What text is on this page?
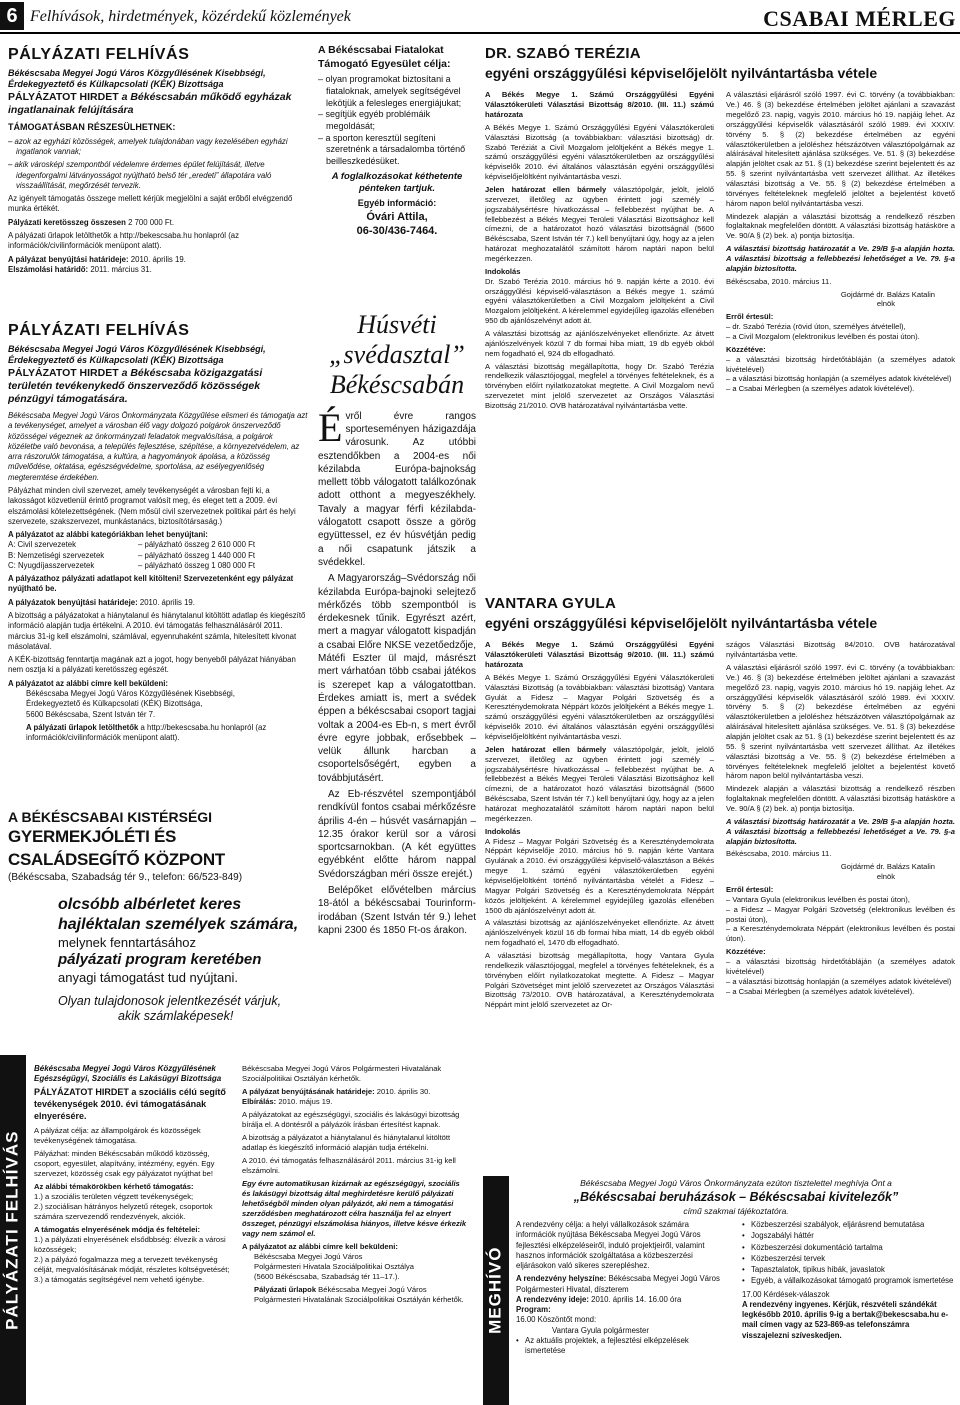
6 Felhívások, hirdetmények, közérdekű közlemények	CSABAI MÉRLEG
PÁLYÁZATI FELHÍVÁS
Békéscsaba Megyei Jogú Város Közgyűlésének Kisebbségi, Érdekegyeztető és Külkapcsolati (KÉK) Bizottsága
PÁLYÁZATOT HIRDET a Békéscsabán működő egyházak ingatlanainak felújítására

TÁMOGATÁSBAN RÉSZESÜLHETNEK:

– azok az egyházi közösségek, amelyek tulajdonában vagy kezelésében egyházi ingatlanok vannak;

– akik városképi szempontból védelemre érdemes épület felújítását, illetve idegenforgalmi látványosságot nyújtható belső tér „eredeti” állapotára való visszaállítását, megőrzését tervezik.

Az igényelt támogatás összege mellett kérjük megjelölni a saját erőből elvégzendő munka értékét.

Pályázati keretösszeg összesen 2 700 000 Ft.

A pályázati űrlapok letölthetők a http://bekescsaba.hu honlapról (az információk/civilinformációk menüpont alatt).

A pályázat benyújtási határideje: 2010. április 19.

Elszámolási határidő: 2011. március 31.

PÁLYÁZATI FELHÍVÁS
Békéscsaba Megyei Jogú Város Közgyűlésének Kisebbségi, Érdekegyeztető és Külkapcsolati (KÉK) Bizottsága
PÁLYÁZATOT HIRDET a Békéscsaba közigazgatási területén tevékenykedő önszerveződő közösségek pénzügyi támogatására.

Békéscsaba Megyei Jogú Város Önkormányzata Közgyűlése elismeri és támogatja azt a tevékenységet, amelyet a városban élő vagy dolgozó polgárok önszerveződő közösségei végeznek az önkormányzati feladatok megvalósítása, a polgárok közéletbe való bevonása, a település fejlesztése, szépítése, a környezetvédelem, az arra rászorulók támogatása, a kultúra, a hagyományok ápolása, a közösség művelődése, oktatása, egészségvédelme, sportolása, az esélyegyenlőség megteremtése érdekében.

Pályázhat minden civil szervezet, amely tevékenységét a városban fejti ki, a lakosságot közvetlenül érintő programot valósít meg, és eleget tett a 2009. évi elszámolási kötelezettségének. (Nem mősül civil szervezetnek politikai párt és helyi szervezete, szakszervezet, munkástanács, biztosítótársaság.)

A pályázatot az alábbi kategóriákban lehet benyújtani:

A: Civil szervezetek	– pályázható összeg 2 610 000 Ft
B: Nemzetiségi szervezetek	– pályázható összeg 1 440 000 Ft
C: Nyugdíjasszervezetek	– pályázható összeg 1 080 000 Ft

A pályázathoz pályázati adatlapot kell kitölteni! Szervezetenként egy pályázat nyújtható be.

A pályázatok benyújtási határideje: 2010. április 19.

A bizottság a pályázatokat a hiánytalanul és hiánytalanul kitöltött adatlap és kiegészítő információ alapján tudja értékelni. A 2010. évi támogatás felhasználásáról 2011. március 31-ig kell elszámolni, számlával, egyenruhaként számla, hitelesített kivonat másolatával.

A KÉK-bizottság fenntartja magának azt a jogot, hogy benyeből pályázat hiányában nem osztja ki a pályázati keretösszeg egészét.

A pályázatot az alábbi címre kell beküldeni:

Békéscsaba Megyei Jogú Város Közgyűlésének Kisebbségi,
Érdekegyeztető és Külkapcsolati (KÉK) Bizottsága,
5600 Békéscsaba, Szent István tér 7.

A pályázati űrlapok letölthetők a http://bekescsaba.hu honlapról (az információk/civilinformációk menüpont alatt).

A BÉKÉSCSABAI KISTÉRSÉGI
GYERMEKJÓLÉTI ÉS CSALÁDSEGÍTŐ KÖZPONT
(Békéscsaba, Szabadság tér 9., telefon: 66/523-849)
olcsóbb albérletet keres
hajléktalan személyek számára,
melynek fenntartásához
pályázati program keretében
anyagi támogatást tud nyújtani.
Olyan tulajdonosok jelentkezését várjuk,
akik számlaképesek!
PÁLYÁZATI FELHÍVÁS

Békéscsaba Megyei Jogú Város Közgyűlésének Egészségügyi, Szociális és Lakásügyi Bizottsága

PÁLYÁZATOT HIRDET a szociális célú segítő tevékenységek 2010. évi támogatásának elnyerésére.

A pályázat célja: az állampolgárok és közösségek tevékenységének támogatása.

Pályázhat: minden Békéscsabán működő közösség, csoport, egyesület, alapítvány, intézmény, egyén. Egy szervezet, közösség csak egy pályázatot nyújthat be!

Az alábbi témakörökben kérhető támogatás:

1.) a szociális területen végzett tevékenységek;

2.) szociálisan hátrányos helyzetű rétegek, csoportok számára szervezendő rendezvények, akciók.

A támogatás elnyerésének módja és feltételei:

1.) a pályázati elnyerésének elsődbbség: élvezik a városi közösségek;

2.) a pályázó fogalmazza meg a tervezett tevékenység célját, megvalósításának módját, részletes költségvetését;

3.) a támogatás segítségével nem vehető igénybe.

Békéscsaba Megyei Jogú Város Polgármesteri Hivatalának Szociálpolitikai Osztályán kérhetők.

A pályázat benyújtásának határideje: 2010. április 30.

Elbírálás: 2010. május 19.

A pályázatokat az egészségügyi, szociális és lakásügyi bizottság bírálja el. A döntésről a pályázók írásban értesítést kapnak.

A bizottság a pályázatot a hiánytalanul és hiánytalanul kitöltött adatlap és kiegészítő információ alapján tudja értékelni.

A 2010. évi támogatás felhasználásáról 2011. március 31-ig kell elszámolni.

Egy évre automatikusan kizárnak az egészségügyi, szociális és lakásügyi bizottság által meghirdetésre kerülő pályázati lehetőségből minden olyan pályázót, aki nem a támogatási szerződésben meghatározott célra használja fel az elnyert összeget, pénzügyi elszámolása hiányos, illetve késve érkezik vagy nem számol el.

A pályázatot az alábbi címre kell beküldeni:

Békéscsaba Megyei Jogú Város
Polgármesteri Hivatala Szociálpolitikai Osztálya
(5600 Békéscsaba, Szabadság tér 11–17.).

Pályázati űrlapok Békéscsaba Megyei Jogú Város Polgármesteri Hivatalának Szociálpolitikai Osztályán kérhetők.

A Békéscsabai Fiatalokat Támogató Egyesület célja:

– olyan programokat biztosítani a fiataloknak, amelyek segítségével lekötjük a felesleges energiájukat;

– segítjük egyéb problémáik megoldását;

– a sporton keresztül segíteni szeretnénk a társadalomba történő beilleszkedésüket.

A foglalkozásokat kéthetente pénteken tartjuk.

Egyéb információ:

Óvári Attila,

06-30/436-7464.

Húsvéti
„svédasztal”
Békéscsabán

Évről évre rangos sporteseményen házigazdája városunk. Az utóbbi esztendőkben a 2004-es női kézilabda Európa-bajnokság mellett több válogatott találkozónak adott otthont a megyeszékhely. Tavaly a magyar férfi kézilabda-válogatott csapott össze a görög együttessel, ez év húsvétján pedig a női csapatunk játszik a svédekkel.

A Magyarország–Svédország női kézilabda Európa-bajnoki selejtező mérkőzés több szempontból is érdekesnek tűnik. Egyrészt azért, mert a magyar válogatott kispadján a csabai Előre NKSE vezetőedzője, Mátéfi Eszter ül majd, másrészt mert várhatóan több csabai játékos is szerepet kap a válogatottban. Érdekes amiatt is, mert a svédek éppen a békéscsabai csoport tagjai voltak a 2004-es Eb-n, s mert évről évre egyre jobbak, erősebbek – velük állunk harcban a csoportelsőségért, egyben a továbbjutásért.

Az Eb-részvétel szempontjából rendkívül fontos csabai mérkőzésre április 4-én – húsvét vasárnapján – 12.35 órakor kerül sor a városi sportcsarnokban. (A két együttes egyébként előtte három nappal Svédországban méri össze erejét.)

Belépőket elővételben március 18-ától a békéscsabai Tourinform-irodában (Szent István tér 9.) lehet kapni 2300 és 1850 Ft-os árakon.

DR. SZABÓ TERÉZIA
egyéni országgyűlési képviselőjelölt nyilvántartásba vétele

A Békés Megye 1. Számú Országgyűlési Egyéni Választókerületi Választási Bizottság 8/2010. (III. 11.) számú határozata

A Békés Megye 1. Számú Országgyűlési Egyéni Választókerületi Választási Bizottság (a továbbiakban: választási bizottság) dr. Szabó Teréziát a Civil Mozgalom jelöltjeként a Békés megye 1. számú országgyűlési egyéni választókerületben az országgyűlési képviselők 2010. évi általános választásán egyéni országgyűlési képviselőjelöltként nyilvántartásba veszi.

Jelen határozat ellen bármely választópolgár, jelölt, jelölő szervezet, illetőleg az ügyben érintett jogi személy – jogszabálysértésre hivatkozással – fellebbezést nyújthat be. A fellebbezést a Békés Megyei Területi Választási Bizottsághoz kell címezni, de a határozatot hozó választási bizottságnál (5600 Békéscsaba, Szent István tér 7.) kell benyújtani úgy, hogy az a jelen határozat meghozatalától számított három naptári napon belül megérkezzen.

Indokolás

Dr. Szabó Terézia 2010. március hó 9. napján kérte a 2010. évi országgyűlési képviselő-választáson a Békés megye 1. számú egyéni választókerületben a Civil Mozgalom jelöltjeként a Civil Mozgalom jelöltjeként. A kérelemmel egyidejűleg igazolás ellenében 950 db ajánlószelvényt adott át.

A választási bizottság az ajánlószelvényeket ellenőrizte. Az átvett ajánlószelvények közül 7 db formai hiba miatt, 19 db egyéb okból nem fogadható el, 924 db elfogadható.

A választási bizottság megállapította, hogy Dr. Szabó Terézia rendelkezik választójoggal, megfelel a törvényes feltételeknek, és a törvényben előírt nyilatkozatokat megtette. A Civil Mozgalom nevű szervezetet mint jelölő szervezetet az Országos Választási Bizottság 21/2010. OVB határozatával nyilvántartásba vette.

A választási eljárásról szóló 1997. évi C. törvény (a továbbiakban: Ve.) 46. § (3) bekezdése értelmében jelöltet ajánlani a szavazást megelőző 23. napig, vagyis 2010. március hó 19. napjáig lehet. Az országgyűlési képviselők választásáról szóló 1989. évi XXXIV. törvény 5. § (2) bekezdése értelmében az egyéni választókerületben a jelöléshez hétszázötven választópolgárnak az aláírásával hitelesített ajánlása szükséges. Ve. 51. § (3) bekezdése alapján jelöltet csak az 51. § (1) bekezdése szerint bejelentett és az 55. § szerint nyilvántartásba vett szervezet állíthat. Az illetékes választási bizottság a Ve. 55. § (2) bekezdése értelmében a törvényes feltételeknek megfelelő jelöltet a bejelentést követő három napon belül nyilvántartásba veszi.

Mindezek alapján a választási bizottság a rendelkező részben foglaltaknak megfelelően döntött. A választási bizottság hatásköre a Ve. 90/A § (2) bek. a) pontja biztosítja.

A választási bizottság határozatát a Ve. 29/B §-a alapján hozta. A választási bizottság a fellebbezési lehetőséget a Ve. 79. §-a alapján biztosította.

Békéscsaba, 2010. március 11.

Gojdármé dr. Balázs Katalin

elnök

Erről értesül:

– dr. Szabó Terézia (rövid úton, személyes átvétellel),

– a Civil Mozgalom (elektronikus levélben és postai úton).

Közzétéve:

– a választási bizottság hirdetőtábláján (a személyes adatok kivételével)

– a választási bizottság honlapján (a személyes adatok kivételével)

– a Csabai Mérlegben (a személyes adatok kivételével).

VANTARA GYULA
egyéni országgyűlési képviselőjelölt nyilvántartásba vétele

A Békés Megye 1. Számú Országgyűlési Egyéni Választókerületi Választási Bizottság 9/2010. (III. 11.) számú határozata

A Békés Megye 1. Számú Országgyűlési Egyéni Választókerületi Választási Bizottság (a továbbiakban: választási bizottság) Vantara Gyulát a Fidesz – Magyar Polgári Szövetség és a Kereszténydemokrata Néppárt közös jelöltjeként a Békés megye 1. számú országgyűlési egyéni választókerületben az országgyűlési képviselők 2010. évi általános választásán egyéni országgyűlési képviselőjelöltként nyilvántartásba veszi.

Jelen határozat ellen bármely választópolgár, jelölt, jelölő szervezet, illetőleg az ügyben érintett jogi személy – jogszabálysértésre hivatkozással – fellebbezést nyújthat be. A fellebbezést a Békés Megyei Területi Választási Bizottsághoz kell címezni, de a határozatot hozó választási bizottságnál (5600 Békéscsaba, Szent István tér 7.) kell benyújtani úgy, hogy az a jelen határozat meghozatalától számított három naptári napon belül megérkezzen.

Indokolás

A Fidesz – Magyar Polgári Szövetség és a Kereszténydemokrata Néppárt képviselője 2010. március hó 9. napján kérte Vantara Gyulának a 2010. évi országgyűlési képviselő-választáson a Békés megye 1. számú egyéni választókerületben egyéni képviselőjelöltként történő nyilvántartásba vételét a Fidesz – Magyar Polgári Szövetség és a Kereszténydemokrata Néppárt közös jelöltjeként. A kérelemmel egyidejűleg igazolás ellenében 1500 db ajánlószelvényt adott át.

A választási bizottság az ajánlószelvényeket ellenőrizte. Az átvett ajánlószelvények közül 16 db formai hiba miatt, 14 db egyéb okból nem fogadható el, 1470 db elfogadható.

A választási bizottság megállapította, hogy Vantara Gyula rendelkezik választójoggal, megfelel a törvényes feltételeknek, és a törvényben előírt nyilatkozatokat megtette. A Fidesz – Magyar Polgári Szövetséget mint jelölő szervezetet az Országos Választási Bizottság 73/2010. OVB határozatával, a Kereszténydemokrata Néppárt mint jelölő szervezetet az Or-

szágos Választási Bizottság 84/2010. OVB határozatával nyilvántartásba vette.

A választási eljárásról szóló 1997. évi C. törvény (a továbbiakban: Ve.) 46. § (3) bekezdése értelmében jelöltet ajánlani a szavazást megelőző 23. napig, vagyis 2010. március hó 19. napjáig lehet. Az országgyűlési képviselők választásáról szóló 1989. évi XXXIV. törvény 5. § (2) bekezdése értelmében az egyéni választókerületben a jelöléshez hétszázötven választópolgárnak az aláírásával hitelesített ajánlása szükséges. Ve. 51. § (3) bekezdése alapján jelöltet csak az 51. § (1) bekezdése szerint bejelentett és az 55. § szerint nyilvántartásba vett szervezet állíthat. Az illetékes választási bizottság a Ve. 55. § (2) bekezdése értelmében a törvényes feltételeknek megfelelő jelöltet a bejelentést követő három napon belül nyilvántartásba veszi.

Mindezek alapján a választási bizottság a rendelkező részben foglaltaknak megfelelően döntött. A választási bizottság hatásköre a Ve. 90/A § (2) bek. a) pontja biztosítja.

A választási bizottság határozatát a Ve. 29/B §-a alapján hozta. A választási bizottság a fellebbezési lehetőséget a Ve. 79. §-a alapján biztosította.

Békéscsaba, 2010. március 11.

Gojdármé dr. Balázs Katalin

elnök

Erről értesül:

– Vantara Gyula (elektronikus levélben és postai úton),

– a Fidesz – Magyar Polgári Szövetség (elektronikus levélben és postai úton),

– a Kereszténydemokrata Néppárt (elektronikus levélben és postai úton).

Közzétéve:

– a választási bizottság hirdetőtábláján (a személyes adatok kivételével)

– a választási bizottság honlapján (a személyes adatok kivételével)

– a Csabai Mérlegben (a személyes adatok kivételével).

MEGHÍVÓ

Békéscsaba Megyei Jogú Város Önkormányzata ezúton tisztelettel meghívja Önt a

„Békéscsabai beruházások – Békéscsabai kivitelezők”

című szakmai tájékoztatóra.

A rendezvény célja: a helyi vállalkozások számára információk nyújtása Békéscsaba Megyei Jogú Város fejlesztési elképzeléseiről, induló projektjeiről, valamint hasznos információk szolgáltatása a közbeszerzési eljárásokon való sikeres szerepléshez.

A rendezvény helyszíne: Békéscsaba Megyei Jogú Város Polgármesteri Hivatal, díszterem

A rendezvény ideje: 2010. április 14. 16.00 óra

Program:

16.00 Köszöntőt mond:

Vantara Gyula polgármester

• Az aktuális projektek, a fejlesztési elképzelések ismertetése
• Közbeszerzési szabályok, eljárásrend bemutatása
• Jogszabályi háttér
• Közbeszerzési dokumentáció tartalma
• Közbeszerzési tervek
• Tapasztalatok, tipikus hibák, javaslatok
• Egyéb, a vállalkozásokat támogató programok ismertetése

17.00 Kérdések-válaszok

A rendezvény ingyenes. Kérjük, részvételi szándékát legkésőbb 2010. április 9-ig a bertak@bekescsaba.hu e-mail címen vagy az 523-869-as telefonszámra visszajelezni szíveskedjen.
